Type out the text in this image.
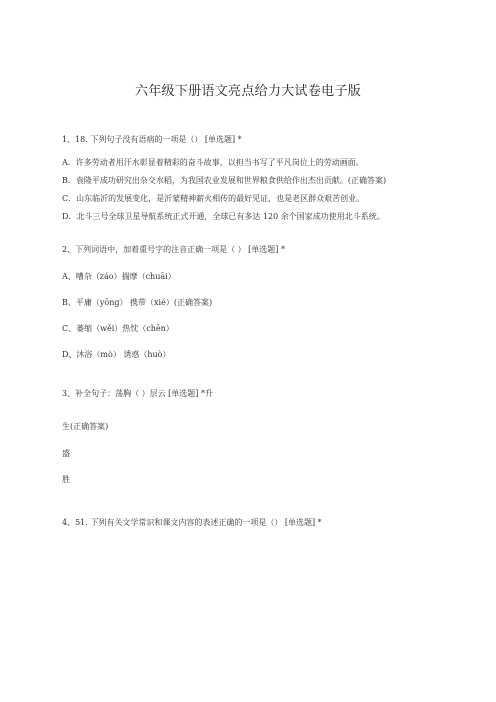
六年级下册语文亮点给力大试卷电子版
1、18. 下列句子没有语病的一项是（） [单选题] *
A．许多劳动者用汗水彰显着精彩的奋斗故事，以担当书写了平凡岗位上的劳动画面。
B．袁隆平成功研究出杂交水稻，为我国农业发展和世界粮食供给作出杰出贡献。(正确答案)
C．山东临沂的发展变化，是沂蒙精神薪火相传的最好见证，也是老区群众艰苦创业。
D．北斗三号全球卫星导航系统正式开通，全球已有多达 120 余个国家成功使用北斗系统。
2、下列词语中，加着重号字的注音正确一项是（ ） [单选题] *
A、嘈杂（záo）揣摩（chuāi）
B、平庸（yōng） 携带（xié）(正确答案)
C、萎缩（wěi）热忱（chēn）
D、沐浴（mò） 诱惑（huò）
3、补全句子：荡胸（ ）层云 [单选题] *升
生(正确答案)
盛
胜
4、51. 下列有关文学常识和课文内容的表述正确的一项是（） [单选题] *
